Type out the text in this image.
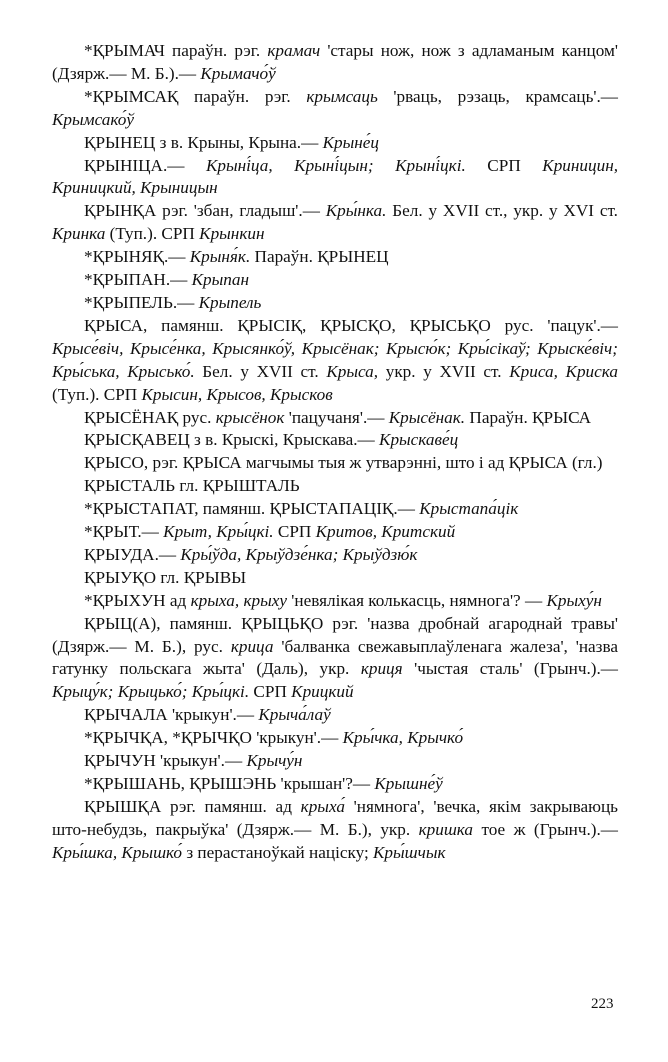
*ҚРЫМАЧ параўн. рэг. крамач 'стары нож, нож з адламаным канцом' (Дзярж.— М. Б.).— Крымачо́ў

*ҚРЫМСАҚ параўн. рэг. крымсаць 'рваць, рэзаць, крамсаць'.— Крымсако́ў

ҚРЫНЕЦ з в. Крыны, Крына.— Крыне́ц

ҚРЫНІЦА.— Крыні́ца, Крыні́цын; Крыні́цкі. СРП Криницин, Криницкий, Крыницын

ҚРЫНҚА рэг. 'збан, гладыш'.— Кры́нка. Бел. у XVII ст., укр. у XVI ст. Кринка (Туп.). СРП Крынкин

*ҚРЫНЯҚ.— Крыня́к. Параўн. ҚРЫНЕЦ

*ҚРЫПАН.— Крыпан

*ҚРЫПЕЛЬ.— Крыпель

ҚРЫСА, памянш. ҚРЫСІҚ, ҚРЫСҚО, ҚРЫСЬҚО рус. 'пацук'.— Крысе́віч, Крысе́нка, Крысянко́ў, Крысёнак; Крысю́к; Кры́сікаў; Крыске́віч; Кры́ська, Крысько́. Бел. у XVII ст. Крыса, укр. у XVII ст. Криса, Криска (Туп.). СРП Крысин, Крысов, Крысков

ҚРЫСЁНАҚ рус. крысёнок 'пацучаня'.— Крысёнак. Параўн. ҚРЫСА

ҚРЫСҚАВЕЦ з в. Крыскі, Крыскава.— Крыскаве́ц

ҚРЫСО, рэг. ҚРЫСА магчымы тыя ж утварэнні, што і ад ҚРЫСА (гл.)

ҚРЫСТАЛЬ гл. ҚРЫШТАЛЬ

*ҚРЫСТАПАТ, памянш. ҚРЫСТАПАЦІҚ.— Крыстапа́цік

*ҚРЫТ.— Крыт, Кры́цкі. СРП Критов, Критский

ҚРЫУДА.— Кры́ўда, Крыўдзе́нка; Крыўдзю́к

ҚРЫУҚО гл. ҚРЫВЫ

*ҚРЫХУН ад крыха, крыху 'невялікая колькасць, нямнога'? — Крыху́н

ҚРЫЦ(А), памянш. ҚРЫЦЬҚО рэг. 'назва дробнай агароднай травы' (Дзярж.— М. Б.), рус. крица 'балванка свежавыплаўленага жалеза', 'назва гатунку польскага жыта' (Даль), укр. криця 'чыстая сталь' (Грынч.).— Крыцу́к; Крыцько́; Кры́цкі. СРП Крицкий

ҚРЫЧАЛА 'крыкун'.— Крыча́лаў

*ҚРЫЧҚА, *ҚРЫЧҚО 'крыкун'.— Кры́чка, Крычко́

ҚРЫЧУН 'крыкун'.— Крычу́н

*ҚРЫШАНЬ, ҚРЫШЭНЬ 'крышан'?— Крышне́ў

ҚРЫШҚА рэг. памянш. ад крыха́ 'нямнога', 'вечка, якім закрываюць што-небудзь, пакрыўка' (Дзярж.— М. Б.), укр. кришка тое ж (Грынч.).— Кры́шка, Крышко́ з перастаноўкай націску; Кры́шчык

223
